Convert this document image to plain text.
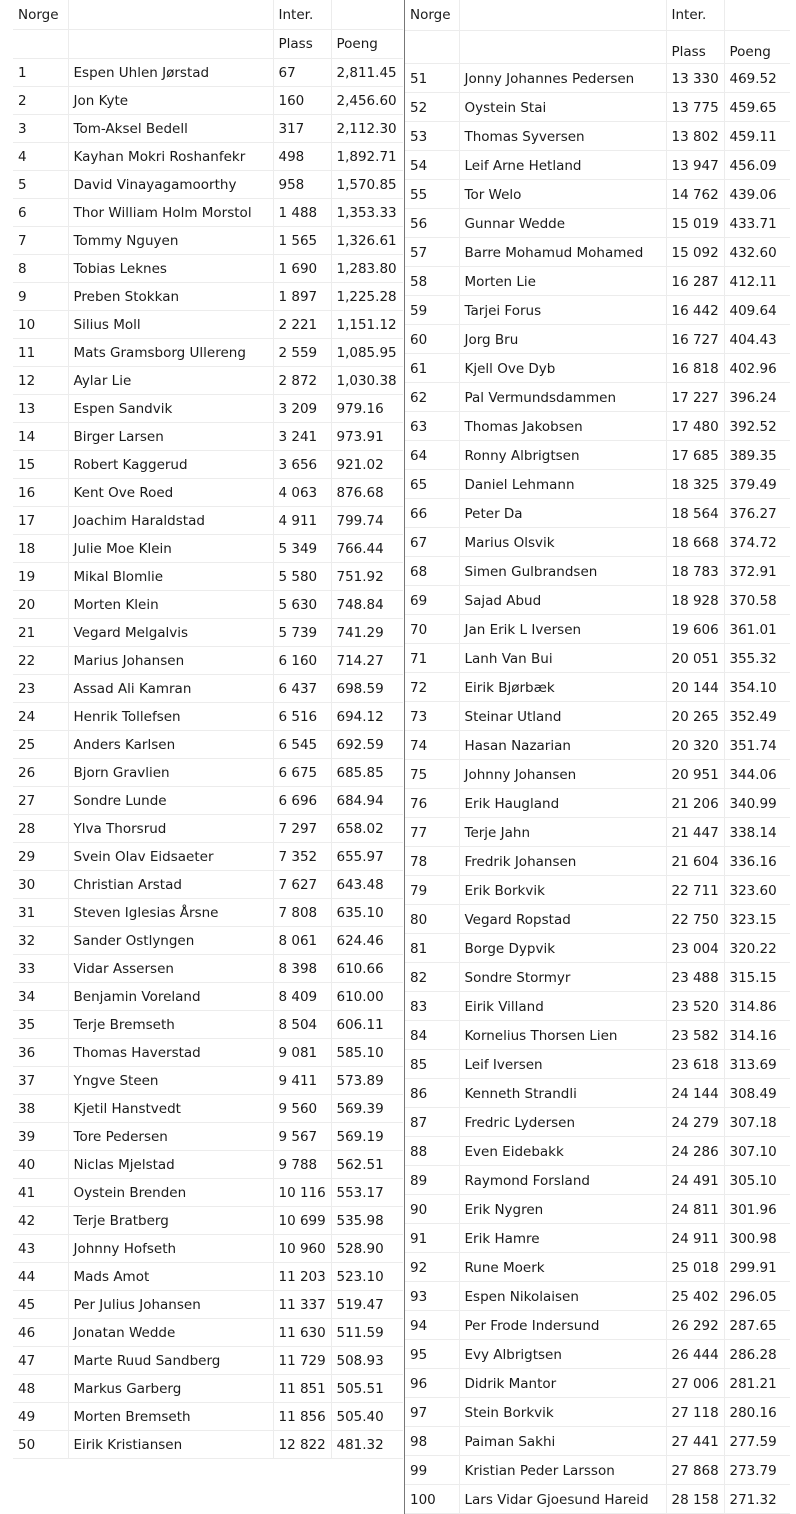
Norge		Inter.	
		Plass	Poeng
1	Espen Uhlen Jørstad	67	2,811.45
2	Jon Kyte	160	2,456.60
3	Tom-Aksel Bedell	317	2,112.30
4	Kayhan Mokri Roshanfekr	498	1,892.71
5	David Vinayagamoorthy	958	1,570.85
6	Thor William Holm Morstol	1 488	1,353.33
7	Tommy Nguyen	1 565	1,326.61
8	Tobias Leknes	1 690	1,283.80
9	Preben Stokkan	1 897	1,225.28
10	Silius Moll	2 221	1,151.12
11	Mats Gramsborg Ullereng	2 559	1,085.95
12	Aylar Lie	2 872	1,030.38
13	Espen Sandvik	3 209	979.16
14	Birger Larsen	3 241	973.91
15	Robert Kaggerud	3 656	921.02
16	Kent Ove Roed	4 063	876.68
17	Joachim Haraldstad	4 911	799.74
18	Julie Moe Klein	5 349	766.44
19	Mikal Blomlie	5 580	751.92
20	Morten Klein	5 630	748.84
21	Vegard Melgalvis	5 739	741.29
22	Marius Johansen	6 160	714.27
23	Assad Ali Kamran	6 437	698.59
24	Henrik Tollefsen	6 516	694.12
25	Anders Karlsen	6 545	692.59
26	Bjorn Gravlien	6 675	685.85
27	Sondre Lunde	6 696	684.94
28	Ylva Thorsrud	7 297	658.02
29	Svein Olav Eidsaeter	7 352	655.97
30	Christian Arstad	7 627	643.48
31	Steven Iglesias Årsne	7 808	635.10
32	Sander Ostlyngen	8 061	624.46
33	Vidar Assersen	8 398	610.66
34	Benjamin Voreland	8 409	610.00
35	Terje Bremseth	8 504	606.11
36	Thomas Haverstad	9 081	585.10
37	Yngve Steen	9 411	573.89
38	Kjetil Hanstvedt	9 560	569.39
39	Tore Pedersen	9 567	569.19
40	Niclas Mjelstad	9 788	562.51
41	Oystein Brenden	10 116	553.17
42	Terje Bratberg	10 699	535.98
43	Johnny Hofseth	10 960	528.90
44	Mads Amot	11 203	523.10
45	Per Julius Johansen	11 337	519.47
46	Jonatan Wedde	11 630	511.59
47	Marte Ruud Sandberg	11 729	508.93
48	Markus Garberg	11 851	505.51
49	Morten Bremseth	11 856	505.40
50	Eirik Kristiansen	12 822	481.32
Norge		Inter.	
		Plass	Poeng
51	Jonny Johannes Pedersen	13 330	469.52
52	Oystein Stai	13 775	459.65
53	Thomas Syversen	13 802	459.11
54	Leif Arne Hetland	13 947	456.09
55	Tor Welo	14 762	439.06
56	Gunnar Wedde	15 019	433.71
57	Barre Mohamud Mohamed	15 092	432.60
58	Morten Lie	16 287	412.11
59	Tarjei Forus	16 442	409.64
60	Jorg Bru	16 727	404.43
61	Kjell Ove Dyb	16 818	402.96
62	Pal Vermundsdammen	17 227	396.24
63	Thomas Jakobsen	17 480	392.52
64	Ronny Albrigtsen	17 685	389.35
65	Daniel Lehmann	18 325	379.49
66	Peter Da	18 564	376.27
67	Marius Olsvik	18 668	374.72
68	Simen Gulbrandsen	18 783	372.91
69	Sajad Abud	18 928	370.58
70	Jan Erik L Iversen	19 606	361.01
71	Lanh Van Bui	20 051	355.32
72	Eirik Bjørbæk	20 144	354.10
73	Steinar Utland	20 265	352.49
74	Hasan Nazarian	20 320	351.74
75	Johnny Johansen	20 951	344.06
76	Erik Haugland	21 206	340.99
77	Terje Jahn	21 447	338.14
78	Fredrik Johansen	21 604	336.16
79	Erik Borkvik	22 711	323.60
80	Vegard Ropstad	22 750	323.15
81	Borge Dypvik	23 004	320.22
82	Sondre Stormyr	23 488	315.15
83	Eirik Villand	23 520	314.86
84	Kornelius Thorsen Lien	23 582	314.16
85	Leif Iversen	23 618	313.69
86	Kenneth Strandli	24 144	308.49
87	Fredric Lydersen	24 279	307.18
88	Even Eidebakk	24 286	307.10
89	Raymond Forsland	24 491	305.10
90	Erik Nygren	24 811	301.96
91	Erik Hamre	24 911	300.98
92	Rune Moerk	25 018	299.91
93	Espen Nikolaisen	25 402	296.05
94	Per Frode Indersund	26 292	287.65
95	Evy Albrigtsen	26 444	286.28
96	Didrik Mantor	27 006	281.21
97	Stein Borkvik	27 118	280.16
98	Paiman Sakhi	27 441	277.59
99	Kristian Peder Larsson	27 868	273.79
100	Lars Vidar Gjoesund Hareid	28 158	271.32
